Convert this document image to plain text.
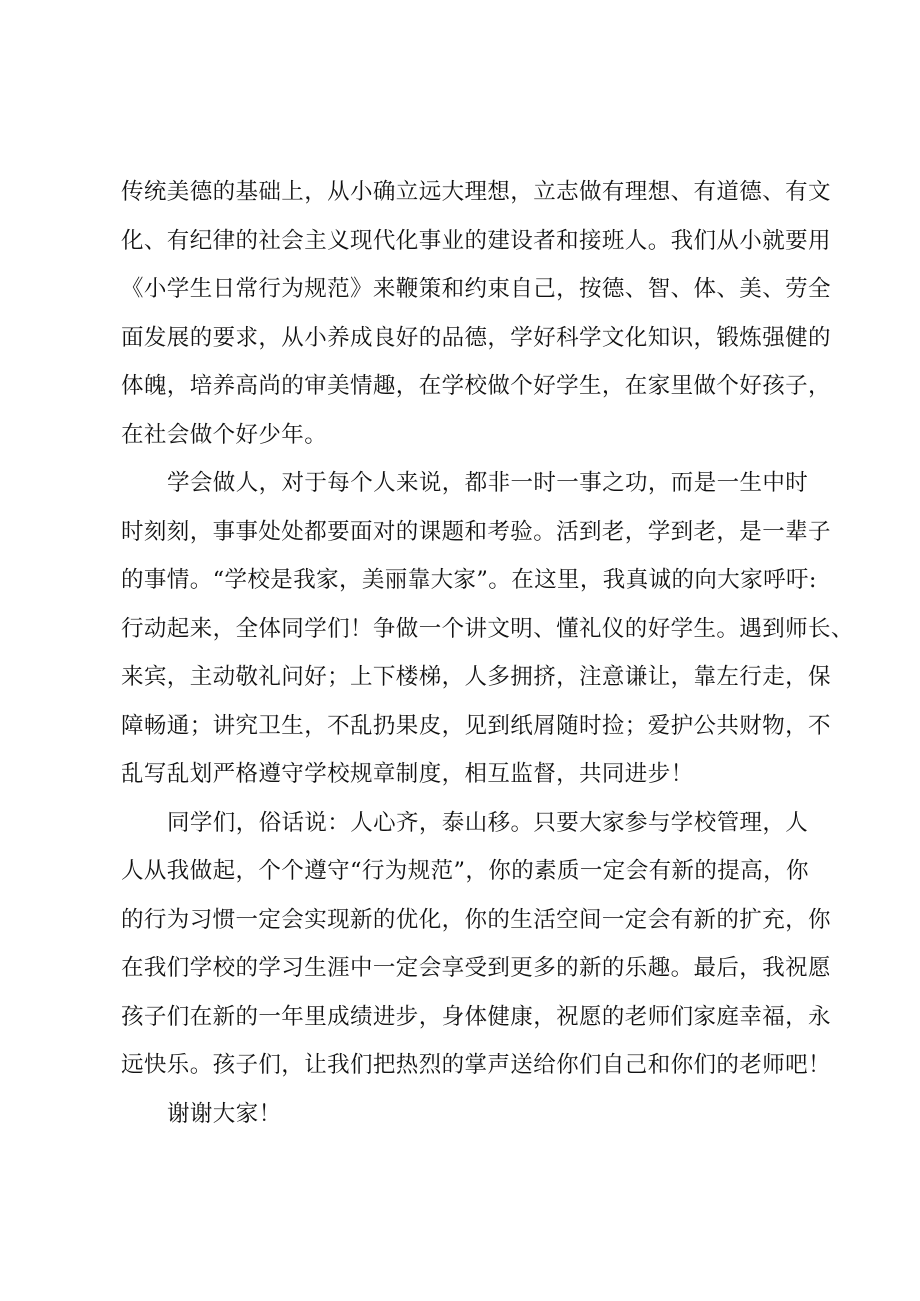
传统美德的基础上，从小确立远大理想，立志做有理想、有道德、有文
化、有纪律的社会主义现代化事业的建设者和接班人。我们从小就要用
《小学生日常行为规范》来鞭策和约束自己，按德、智、体、美、劳全
面发展的要求，从小养成良好的品德，学好科学文化知识，锻炼强健的
体魄，培养高尚的审美情趣，在学校做个好学生，在家里做个好孩子，
在社会做个好少年。
学会做人，对于每个人来说，都非一时一事之功，而是一生中时
时刻刻，事事处处都要面对的课题和考验。活到老，学到老，是一辈子
的事情。“学校是我家，美丽靠大家”。在这里，我真诚的向大家呼吁:
行动起来，全体同学们！争做一个讲文明、懂礼仪的好学生。遇到师长、
来宾，主动敬礼问好；上下楼梯，人多拥挤，注意谦让，靠左行走，保
障畅通；讲究卫生，不乱扔果皮，见到纸屑随时捡；爱护公共财物，不
乱写乱划严格遵守学校规章制度，相互监督，共同进步！
同学们，俗话说：人心齐，泰山移。只要大家参与学校管理，人
人从我做起，个个遵守“行为规范”，你的素质一定会有新的提高，你
的行为习惯一定会实现新的优化，你的生活空间一定会有新的扩充，你
在我们学校的学习生涯中一定会享受到更多的新的乐趣。最后，我祝愿
孩子们在新的一年里成绩进步，身体健康，祝愿的老师们家庭幸福，永
远快乐。孩子们，让我们把热烈的掌声送给你们自己和你们的老师吧！
谢谢大家！
